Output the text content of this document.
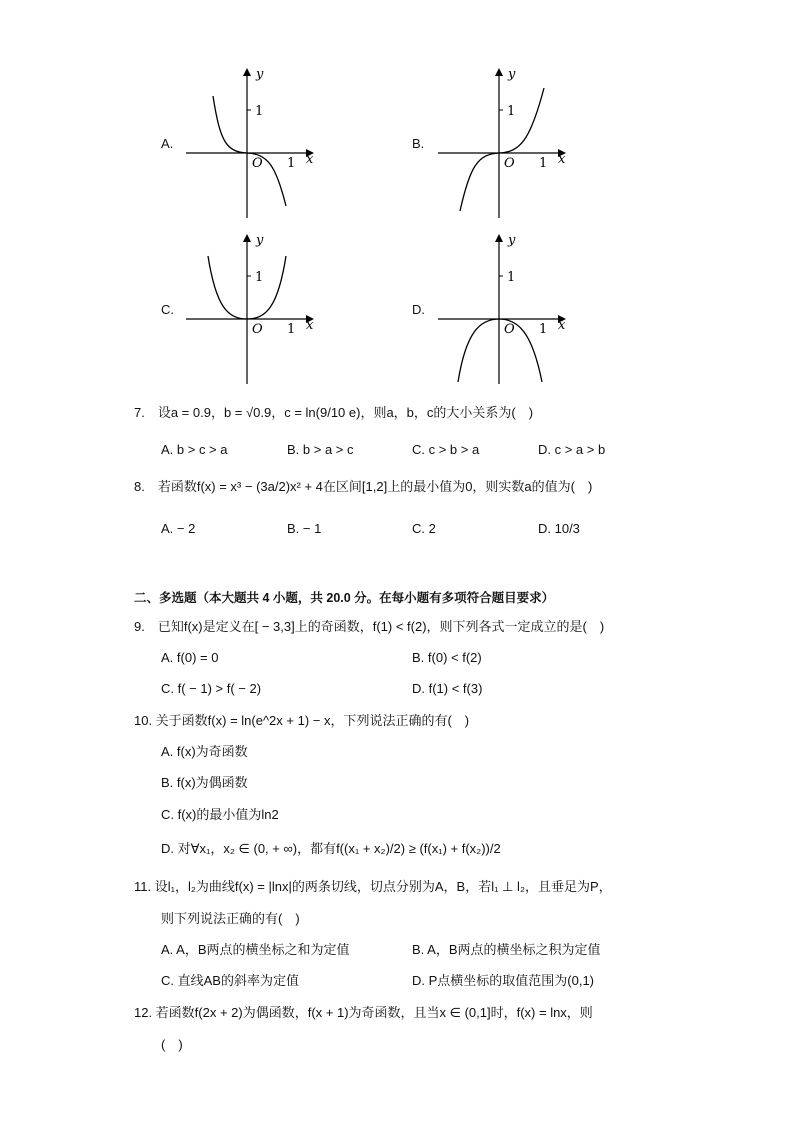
A.	B.
C.	D.
y
1
O 1 x
y
1
O 1 x
y
1
O 1 x
y
1
O 1 x
7.　设a = 0.9，b = √0.9，c = ln(9/10 e)，则a，b，c的大小关系为(　)
A. b > c > a	B. b > a > c	C. c > b > a	D. c > a > b
8.　若函数f(x) = x³ − (3a/2)x² + 4在区间[1,2]上的最小值为0，则实数a的值为(　)
A. − 2	B. − 1	C. 2	D. 10/3
二、多选题（本大题共 4 小题，共 20.0 分。在每小题有多项符合题目要求）
9.　已知f(x)是定义在[ − 3,3]上的奇函数，f(1) < f(2)，则下列各式一定成立的是(　)
A. f(0) = 0	B. f(0) < f(2)
C. f( − 1) > f( − 2)	D. f(1) < f(3)
10. 关于函数f(x) = ln(e^2x + 1) − x，下列说法正确的有(　)
A. f(x)为奇函数
B. f(x)为偶函数
C. f(x)的最小值为ln2
D. 对∀x₁，x₂ ∈ (0, + ∞)，都有f((x₁ + x₂)/2) ≥ (f(x₁) + f(x₂))/2
11. 设l₁，l₂为曲线f(x) = |lnx|的两条切线，切点分别为A，B，若l₁ ⊥ l₂，且垂足为P，
则下列说法正确的有(　)
A. A，B两点的横坐标之和为定值	B. A，B两点的横坐标之积为定值
C. 直线AB的斜率为定值	D. P点横坐标的取值范围为(0,1)
12. 若函数f(2x + 2)为偶函数，f(x + 1)为奇函数，且当x ∈ (0,1]时，f(x) = lnx，则
(　)
